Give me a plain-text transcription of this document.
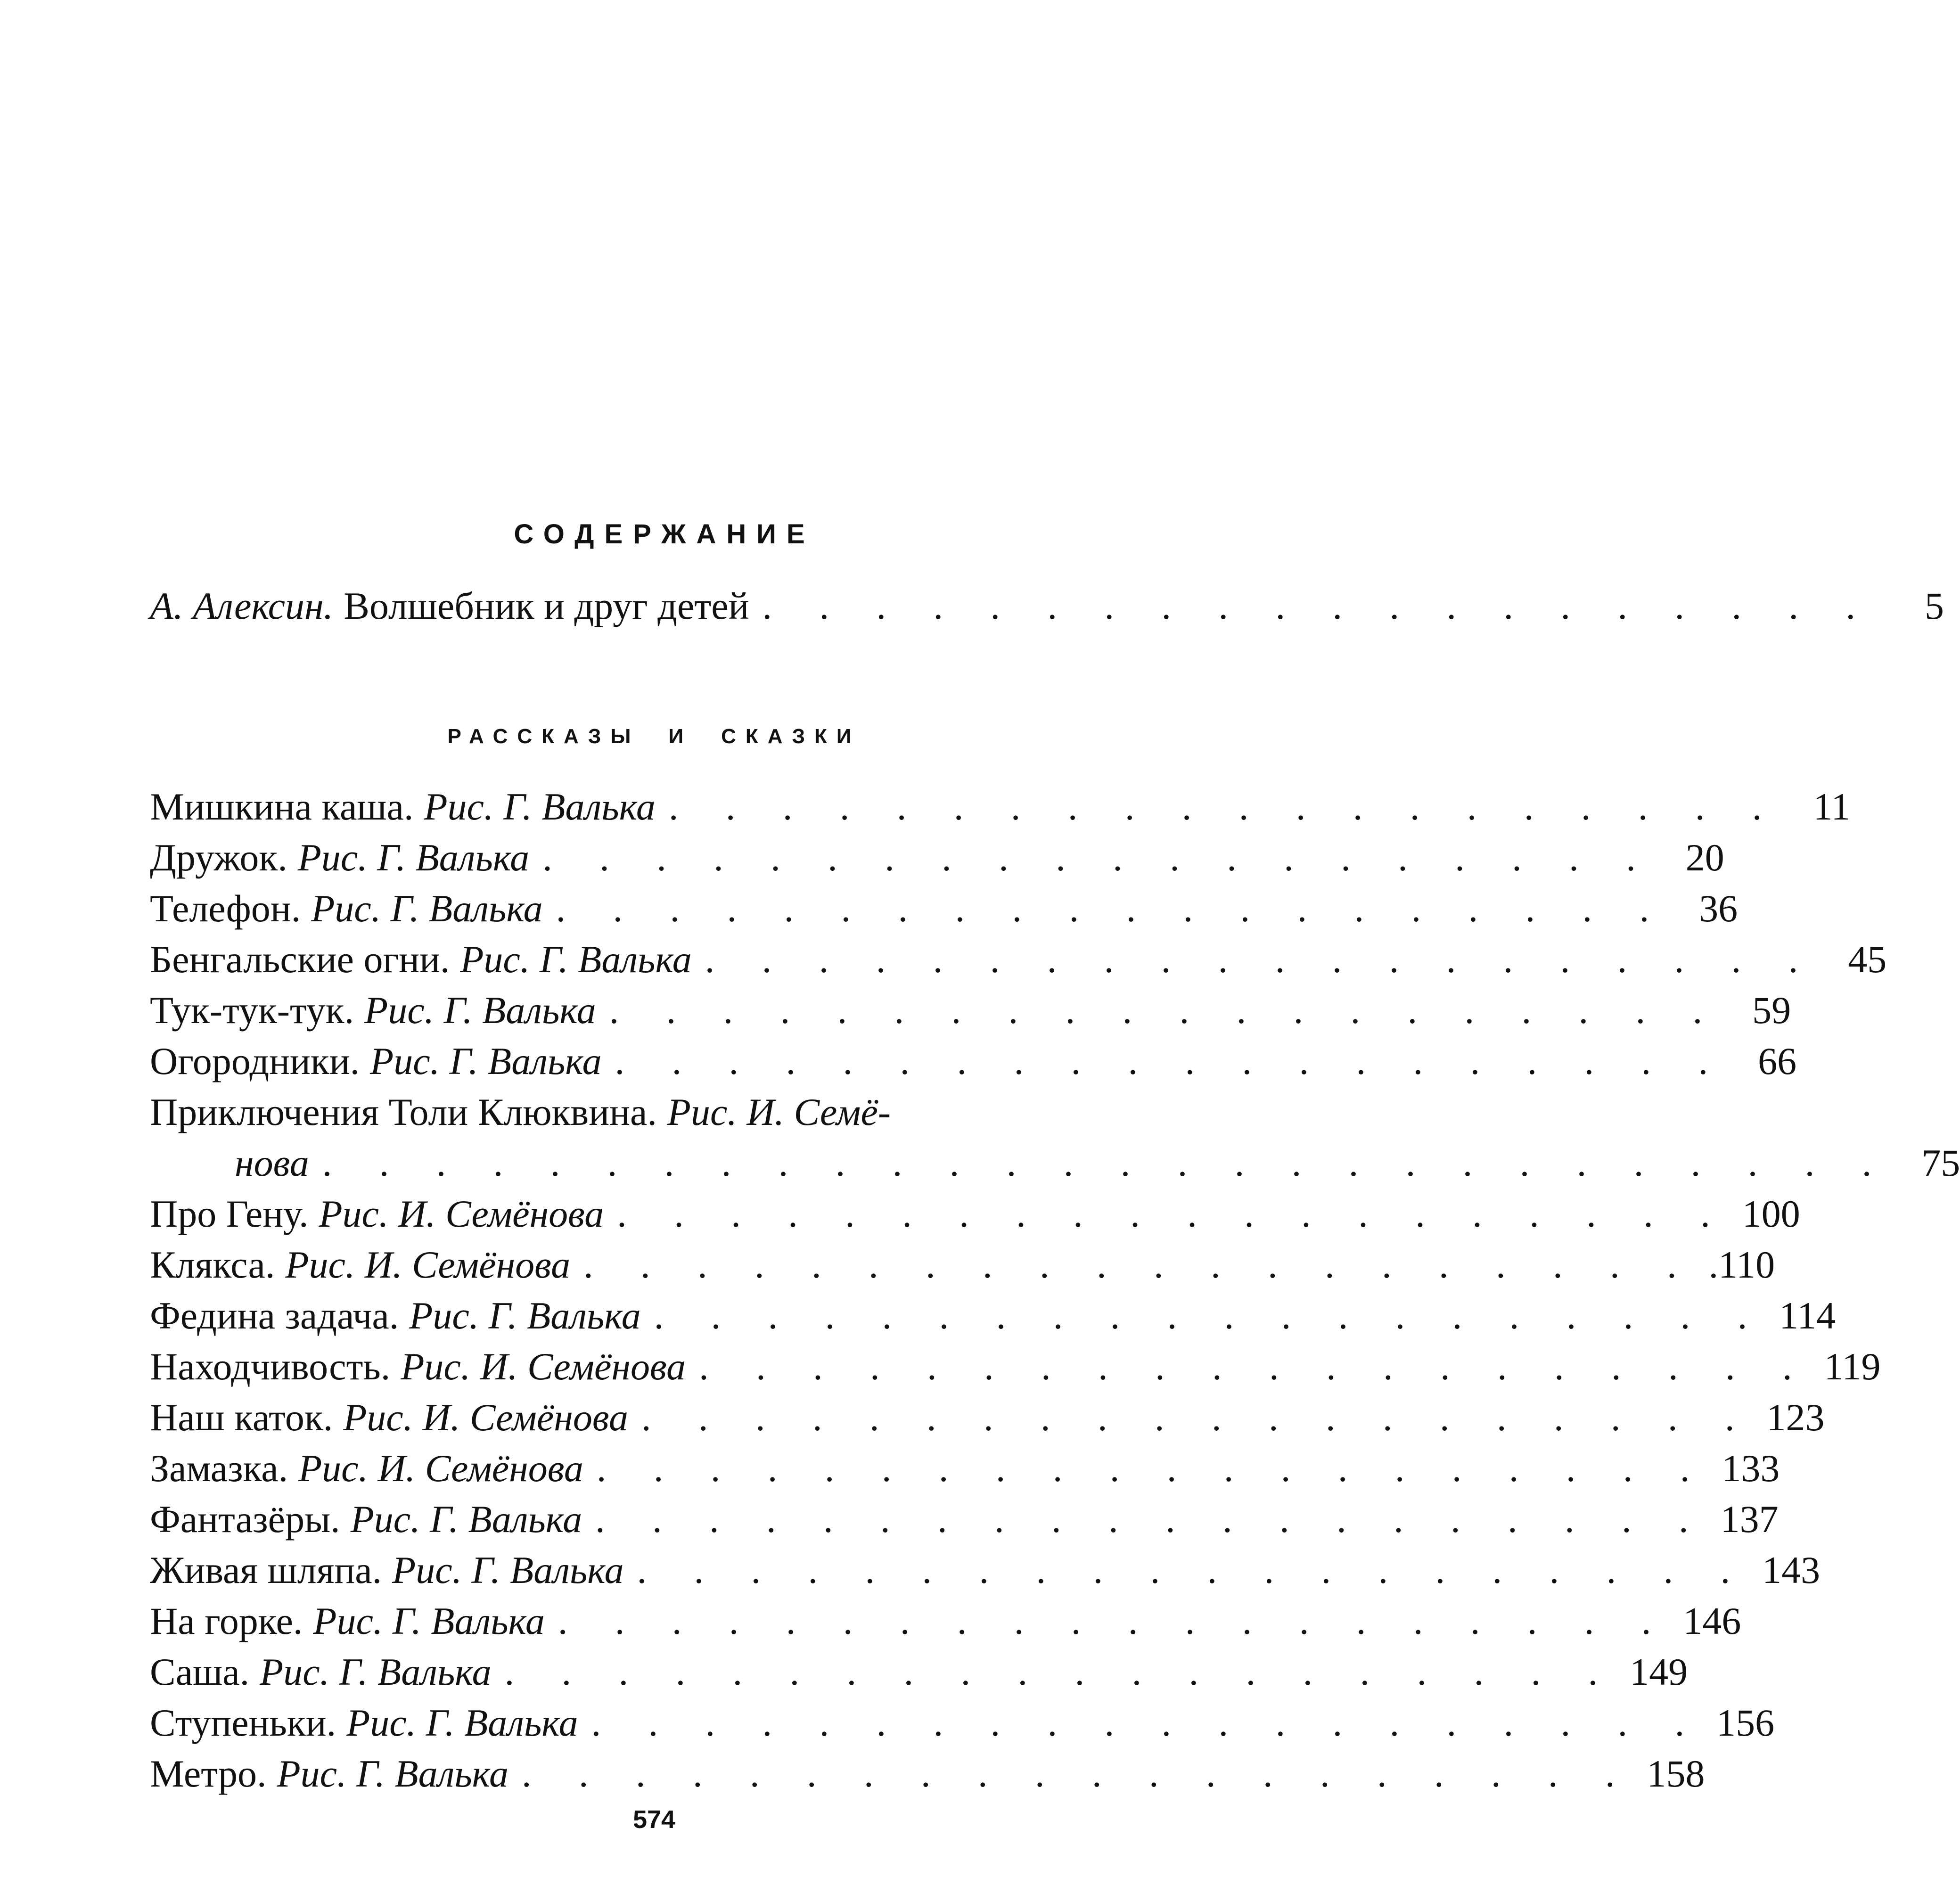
СОДЕРЖАНИЕ
А. Алексин. Волшебник и друг детей . . . . . . . . . . . . . . . . . . . .	5
РАССКАЗЫ И СКАЗКИ
Мишкина каша. Рис. Г. Валька . . . . . . . . . . . . . . . . . . . . 11
Дружок. Рис. Г. Валька . . . . . . . . . . . . . . . . . . . . 20
Телефон. Рис. Г. Валька . . . . . . . . . . . . . . . . . . . . 36
Бенгальские огни. Рис. Г. Валька . . . . . . . . . . . . . . . . . . . . 45
Тук-тук-тук. Рис. Г. Валька . . . . . . . . . . . . . . . . . . . . 59
Огородники. Рис. Г. Валька . . . . . . . . . . . . . . . . . . . . 66
Приключения Толи Клюквина. Рис. И. Семё-
нова . . . . . . . . . . . . . . . . . . . . . . . . . . . . 75
Про Гену. Рис. И. Семёнова . . . . . . . . . . . . . . . . . . . . 100
Клякса. Рис. И. Семёнова . . . . . . . . . . . . . . . . . . . . .110
Федина задача. Рис. Г. Валька . . . . . . . . . . . . . . . . . . . . 114
Находчивость. Рис. И. Семёнова . . . . . . . . . . . . . . . . . . . . 119
Наш каток. Рис. И. Семёнова . . . . . . . . . . . . . . . . . . . . 123
Замазка. Рис. И. Семёнова . . . . . . . . . . . . . . . . . . . . 133
Фантазёры. Рис. Г. Валька . . . . . . . . . . . . . . . . . . . . 137
Живая шляпа. Рис. Г. Валька . . . . . . . . . . . . . . . . . . . . 143
На горке. Рис. Г. Валька . . . . . . . . . . . . . . . . . . . . 146
Саша. Рис. Г. Валька . . . . . . . . . . . . . . . . . . . . 149
Ступеньки. Рис. Г. Валька . . . . . . . . . . . . . . . . . . . . 156
Метро. Рис. Г. Валька . . . . . . . . . . . . . . . . . . . . 158
574
